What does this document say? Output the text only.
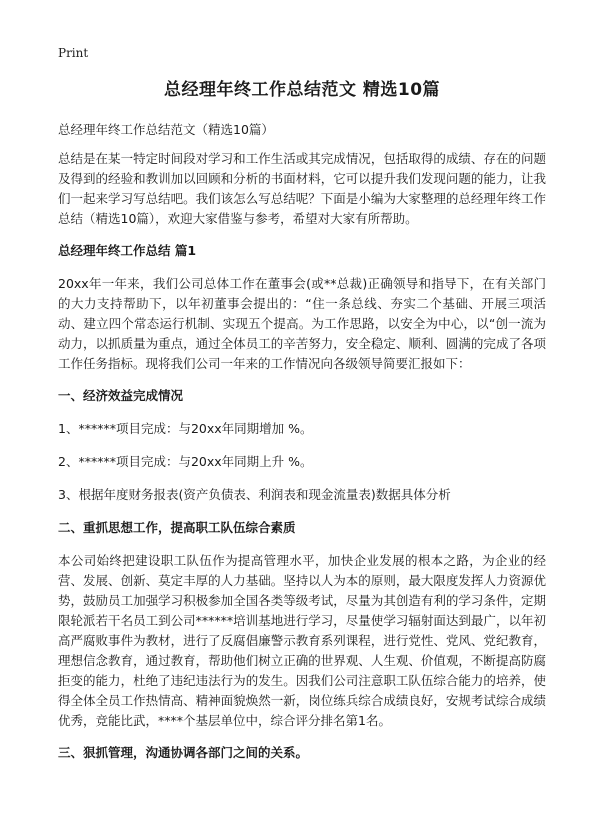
Print
总经理年终工作总结范文 精选10篇
总经理年终工作总结范文（精选10篇）

总结是在某一特定时间段对学习和工作生活或其完成情况，包括取得的成绩、存在的问题及得到的经验和教训加以回顾和分析的书面材料，它可以提升我们发现问题的能力，让我们一起来学习写总结吧。我们该怎么写总结呢？下面是小编为大家整理的总经理年终工作总结（精选10篇），欢迎大家借鉴与参考，希望对大家有所帮助。

总经理年终工作总结 篇1

20xx年一年来，我们公司总体工作在董事会(或**总裁)正确领导和指导下，在有关部门的大力支持帮助下，以年初董事会提出的：“住一条总线、夯实二个基础、开展三项活动、建立四个常态运行机制、实现五个提高。为工作思路，以安全为中心，以“创一流为动力，以抓质量为重点，通过全体员工的辛苦努力，安全稳定、顺利、圆满的完成了各项工作任务指标。现将我们公司一年来的工作情况向各级领导简要汇报如下：

一、经济效益完成情况

1、******项目完成：与20xx年同期增加 %。

2、******项目完成：与20xx年同期上升 %。

3、根据年度财务报表(资产负债表、利润表和现金流量表)数据具体分析

二、重抓思想工作，提高职工队伍综合素质

本公司始终把建设职工队伍作为提高管理水平，加快企业发展的根本之路，为企业的经营、发展、创新、莫定丰厚的人力基础。坚持以人为本的原则，最大限度发挥人力资源优势，鼓励员工加强学习积极参加全国各类等级考试，尽量为其创造有利的学习条件，定期限轮派若干名员工到公司******培训基地进行学习，尽量使学习辐射面达到最广，以年初高严腐败事件为教材，进行了反腐倡廉警示教育系列课程，进行党性、党风、党纪教育，理想信念教育，通过教育，帮助他们树立正确的世界观、人生观、价值观，不断提高防腐拒变的能力，杜绝了违纪违法行为的发生。因我们公司注意职工队伍综合能力的培养，使得全体全员工作热情高、精神面貌焕然一新，岗位练兵综合成绩良好，安规考试综合成绩优秀，竞能比武，****个基层单位中，综合评分排名第1名。

三、狠抓管理，沟通协调各部门之间的关系。
